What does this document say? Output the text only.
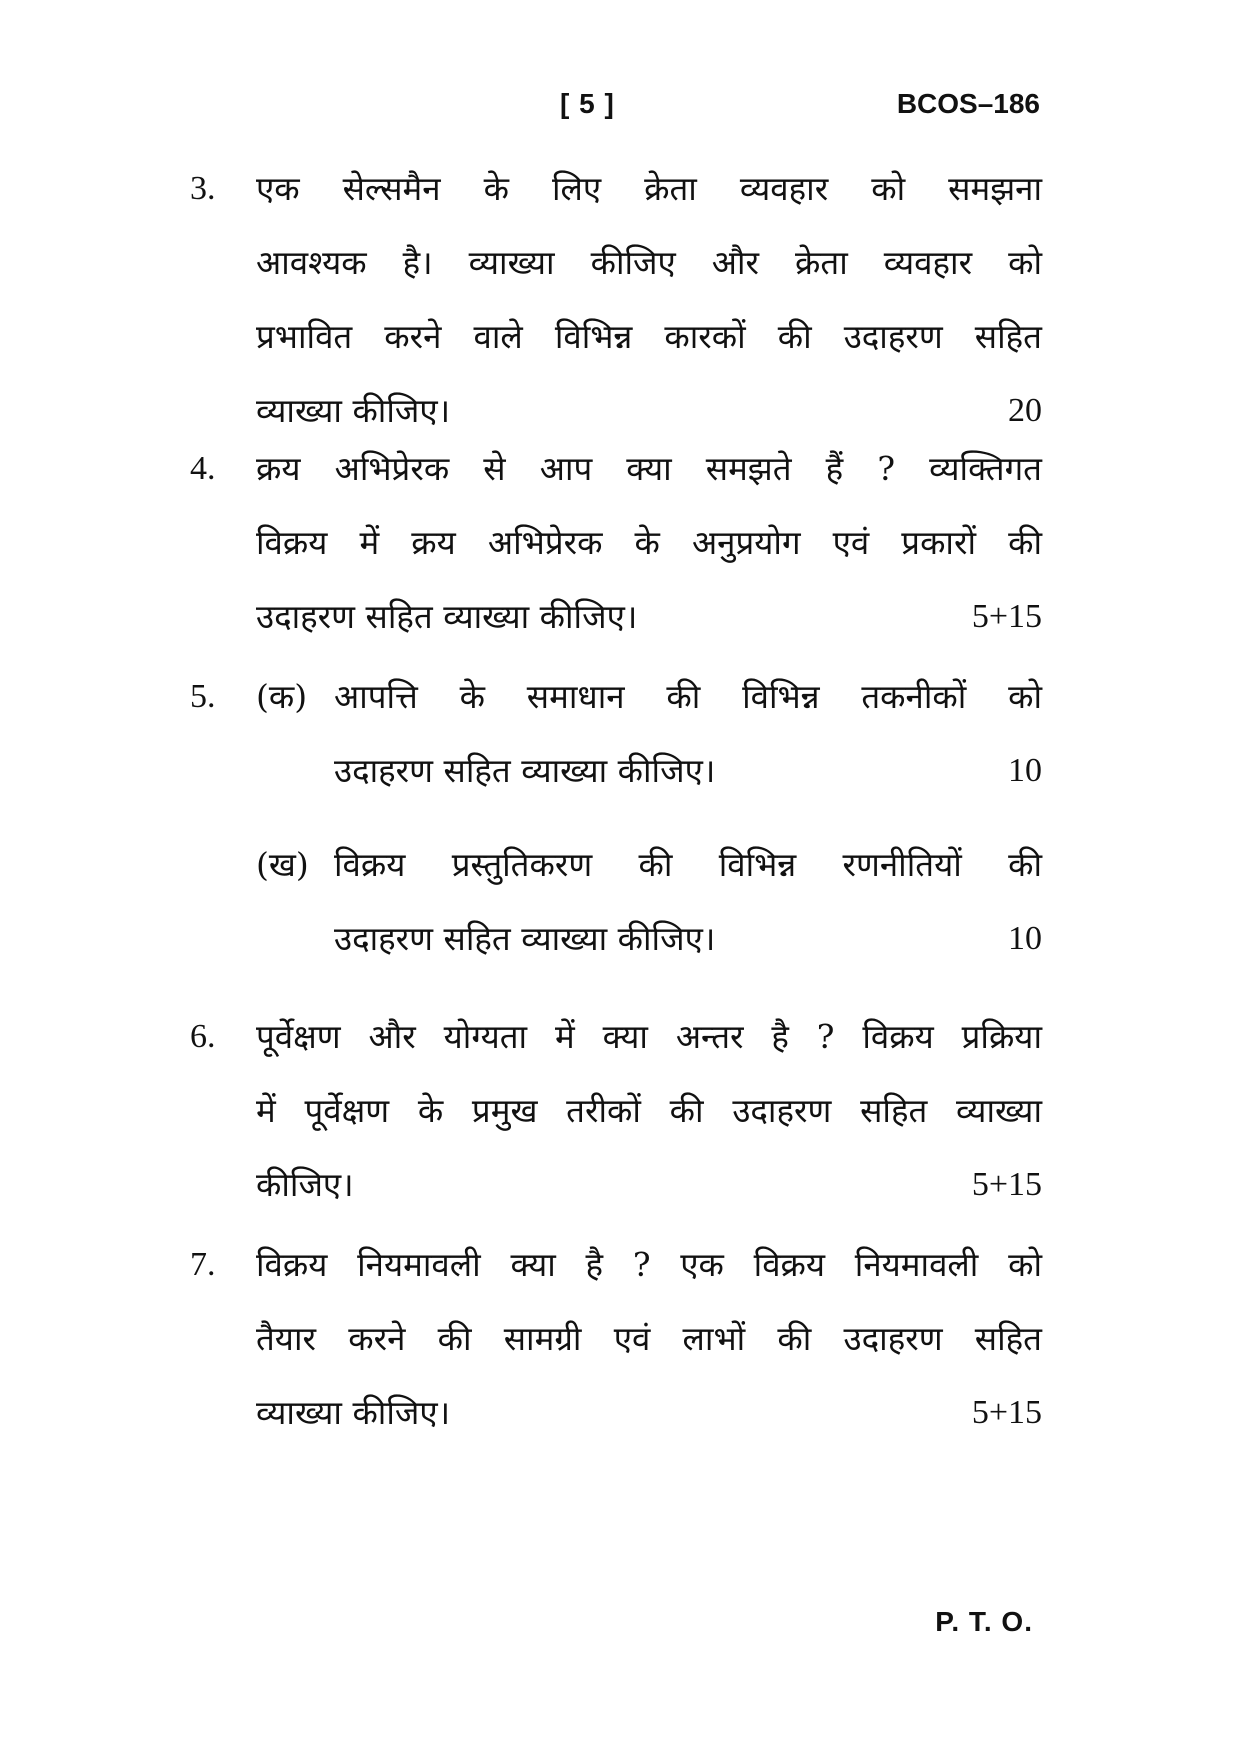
[ 5 ]	BCOS–186
3.	एक सेल्समैन के लिए क्रेता व्यवहार को समझना
आवश्यक है। व्याख्या कीजिए और क्रेता व्यवहार को
प्रभावित करने वाले विभिन्न कारकों की उदाहरण सहित
व्याख्या कीजिए।	20
4.	क्रय अभिप्रेरक से आप क्या समझते हैं ? व्यक्तिगत
विक्रय में क्रय अभिप्रेरक के अनुप्रयोग एवं प्रकारों की
उदाहरण सहित व्याख्या कीजिए।	5+15
5.	(क) आपत्ति के समाधान की विभिन्न तकनीकों को
उदाहरण सहित व्याख्या कीजिए।	10
(ख) विक्रय प्रस्तुतिकरण की विभिन्न रणनीतियों की
उदाहरण सहित व्याख्या कीजिए।	10
6.	पूर्वेक्षण और योग्यता में क्या अन्तर है ? विक्रय प्रक्रिया
में पूर्वेक्षण के प्रमुख तरीकों की उदाहरण सहित व्याख्या
कीजिए।	5+15
7.	विक्रय नियमावली क्या है ? एक विक्रय नियमावली को
तैयार करने की सामग्री एवं लाभों की उदाहरण सहित
व्याख्या कीजिए।	5+15
P. T. O.
